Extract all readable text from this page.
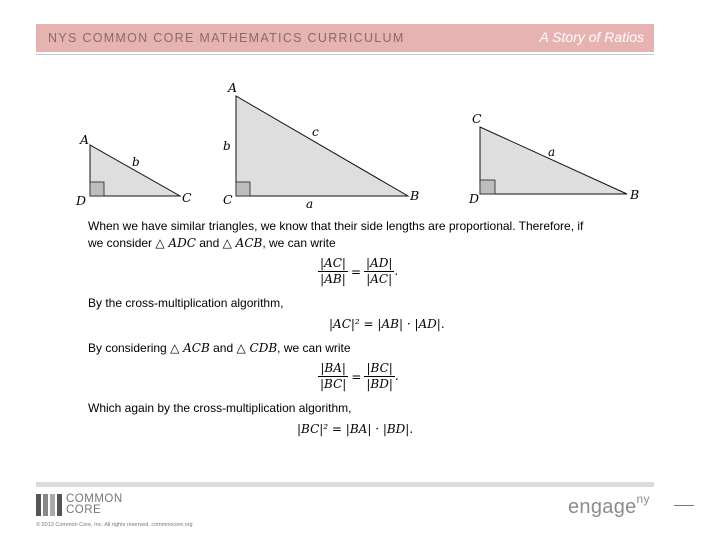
NYS COMMON CORE MATHEMATICS CURRICULUM	A Story of Ratios
A
D	C
b
A
C	B
b
c
a
C
D	B
a
When we have similar triangles, we know that their side lengths are proportional. Therefore, if
we consider △ ADC and △ ACB, we can write
$\frac{|AC|}{|AB|} = \frac{|AD|}{|AC|}$ .
By the cross-multiplication algorithm,
|AC|² = |AB| · |AD|.
By considering △ ACB and △ CDB, we can write
$\frac{|BA|}{|BC|} = \frac{|BC|}{|BD|}$ .
Which again by the cross-multiplication algorithm,
|BC|² = |BA| · |BD|.
COMMON
CORE
© 2013 Common Core, Inc. All rights reserved. commoncore.org
engage$^{ny}$
